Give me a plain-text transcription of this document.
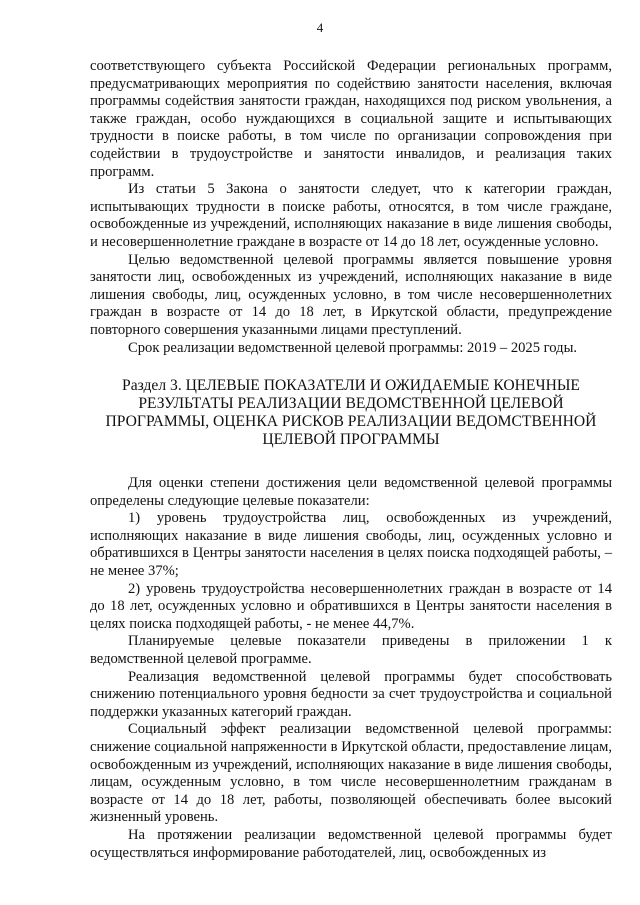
4

соответствующего субъекта Российской Федерации региональных программ, предусматривающих мероприятия по содействию занятости населения, включая программы содействия занятости граждан, находящихся под риском увольнения, а также граждан, особо нуждающихся в социальной защите и испытывающих трудности в поиске работы, в том числе по организации сопровождения при содействии в трудоустройстве и занятости инвалидов, и реализация таких программ.

Из статьи 5 Закона о занятости следует, что к категории граждан, испытывающих трудности в поиске работы, относятся, в том числе граждане, освобожденные из учреждений, исполняющих наказание в виде лишения свободы, и несовершеннолетние граждане в возрасте от 14 до 18 лет, осужденные условно.

Целью ведомственной целевой программы является повышение уровня занятости лиц, освобожденных из учреждений, исполняющих наказание в виде лишения свободы, лиц, осужденных условно, в том числе несовершеннолетних граждан в возрасте от 14 до 18 лет, в Иркутской области, предупреждение повторного совершения указанными лицами преступлений.

Срок реализации ведомственной целевой программы: 2019 – 2025 годы.

Раздел 3. ЦЕЛЕВЫЕ ПОКАЗАТЕЛИ И ОЖИДАЕМЫЕ КОНЕЧНЫЕ
РЕЗУЛЬТАТЫ РЕАЛИЗАЦИИ ВЕДОМСТВЕННОЙ ЦЕЛЕВОЙ
ПРОГРАММЫ, ОЦЕНКА РИСКОВ РЕАЛИЗАЦИИ ВЕДОМСТВЕННОЙ
ЦЕЛЕВОЙ ПРОГРАММЫ

Для оценки степени достижения цели ведомственной целевой программы определены следующие целевые показатели:

1) уровень трудоустройства лиц, освобожденных из учреждений, исполняющих наказание в виде лишения свободы, лиц, осужденных условно и обратившихся в Центры занятости населения в целях поиска подходящей работы, – не менее 37%;

2) уровень трудоустройства несовершеннолетних граждан в возрасте от 14 до 18 лет, осужденных условно и обратившихся в Центры занятости населения в целях поиска подходящей работы, - не менее 44,7%.

Планируемые целевые показатели приведены в приложении 1 к ведомственной целевой программе.

Реализация ведомственной целевой программы будет способствовать снижению потенциального уровня бедности за счет трудоустройства и социальной поддержки указанных категорий граждан.

Социальный эффект реализации ведомственной целевой программы: снижение социальной напряженности в Иркутской области, предоставление лицам, освобожденным из учреждений, исполняющих наказание в виде лишения свободы, лицам, осужденным условно, в том числе несовершеннолетним гражданам в возрасте от 14 до 18 лет, работы, позволяющей обеспечивать более высокий жизненный уровень.

На протяжении реализации ведомственной целевой программы будет осуществляться информирование работодателей, лиц, освобожденных из
